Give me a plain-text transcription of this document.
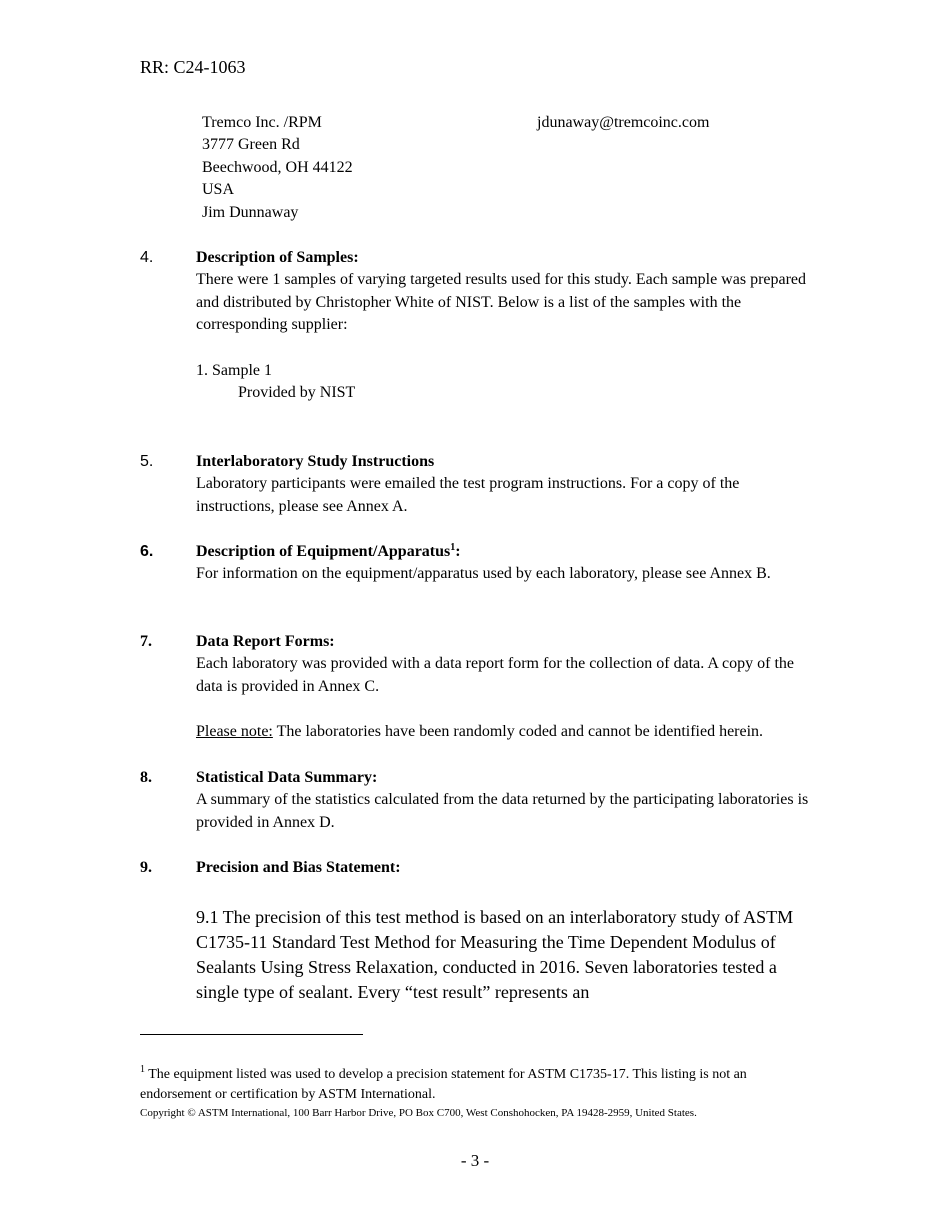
RR: C24-1063
Tremco Inc. /RPM	jdunaway@tremcoinc.com
3777 Green Rd
Beechwood, OH 44122
USA
Jim Dunnaway
4.	Description of Samples:
There were 1 samples of varying targeted results used for this study. Each sample was prepared and distributed by Christopher White of NIST. Below is a list of the samples with the corresponding supplier:
1. Sample 1
Provided by NIST
5.	Interlaboratory Study Instructions
Laboratory participants were emailed the test program instructions. For a copy of the instructions, please see Annex A.
6.	Description of Equipment/Apparatus$^1$:
For information on the equipment/apparatus used by each laboratory, please see Annex B.
7.	Data Report Forms:
Each laboratory was provided with a data report form for the collection of data. A copy of the data is provided in Annex C.
Please note: The laboratories have been randomly coded and cannot be identified herein.
8.	Statistical Data Summary:
A summary of the statistics calculated from the data returned by the participating laboratories is provided in Annex D.
9.	Precision and Bias Statement:
9.1 The precision of this test method is based on an interlaboratory study of ASTM C1735-11 Standard Test Method for Measuring the Time Dependent Modulus of Sealants Using Stress Relaxation, conducted in 2016. Seven laboratories tested a single type of sealant. Every “test result” represents an
$^1$ The equipment listed was used to develop a precision statement for ASTM C1735-17. This listing is not an endorsement or certification by ASTM International.
Copyright © ASTM International, 100 Barr Harbor Drive, PO Box C700, West Conshohocken, PA 19428-2959, United States.
- 3 -
